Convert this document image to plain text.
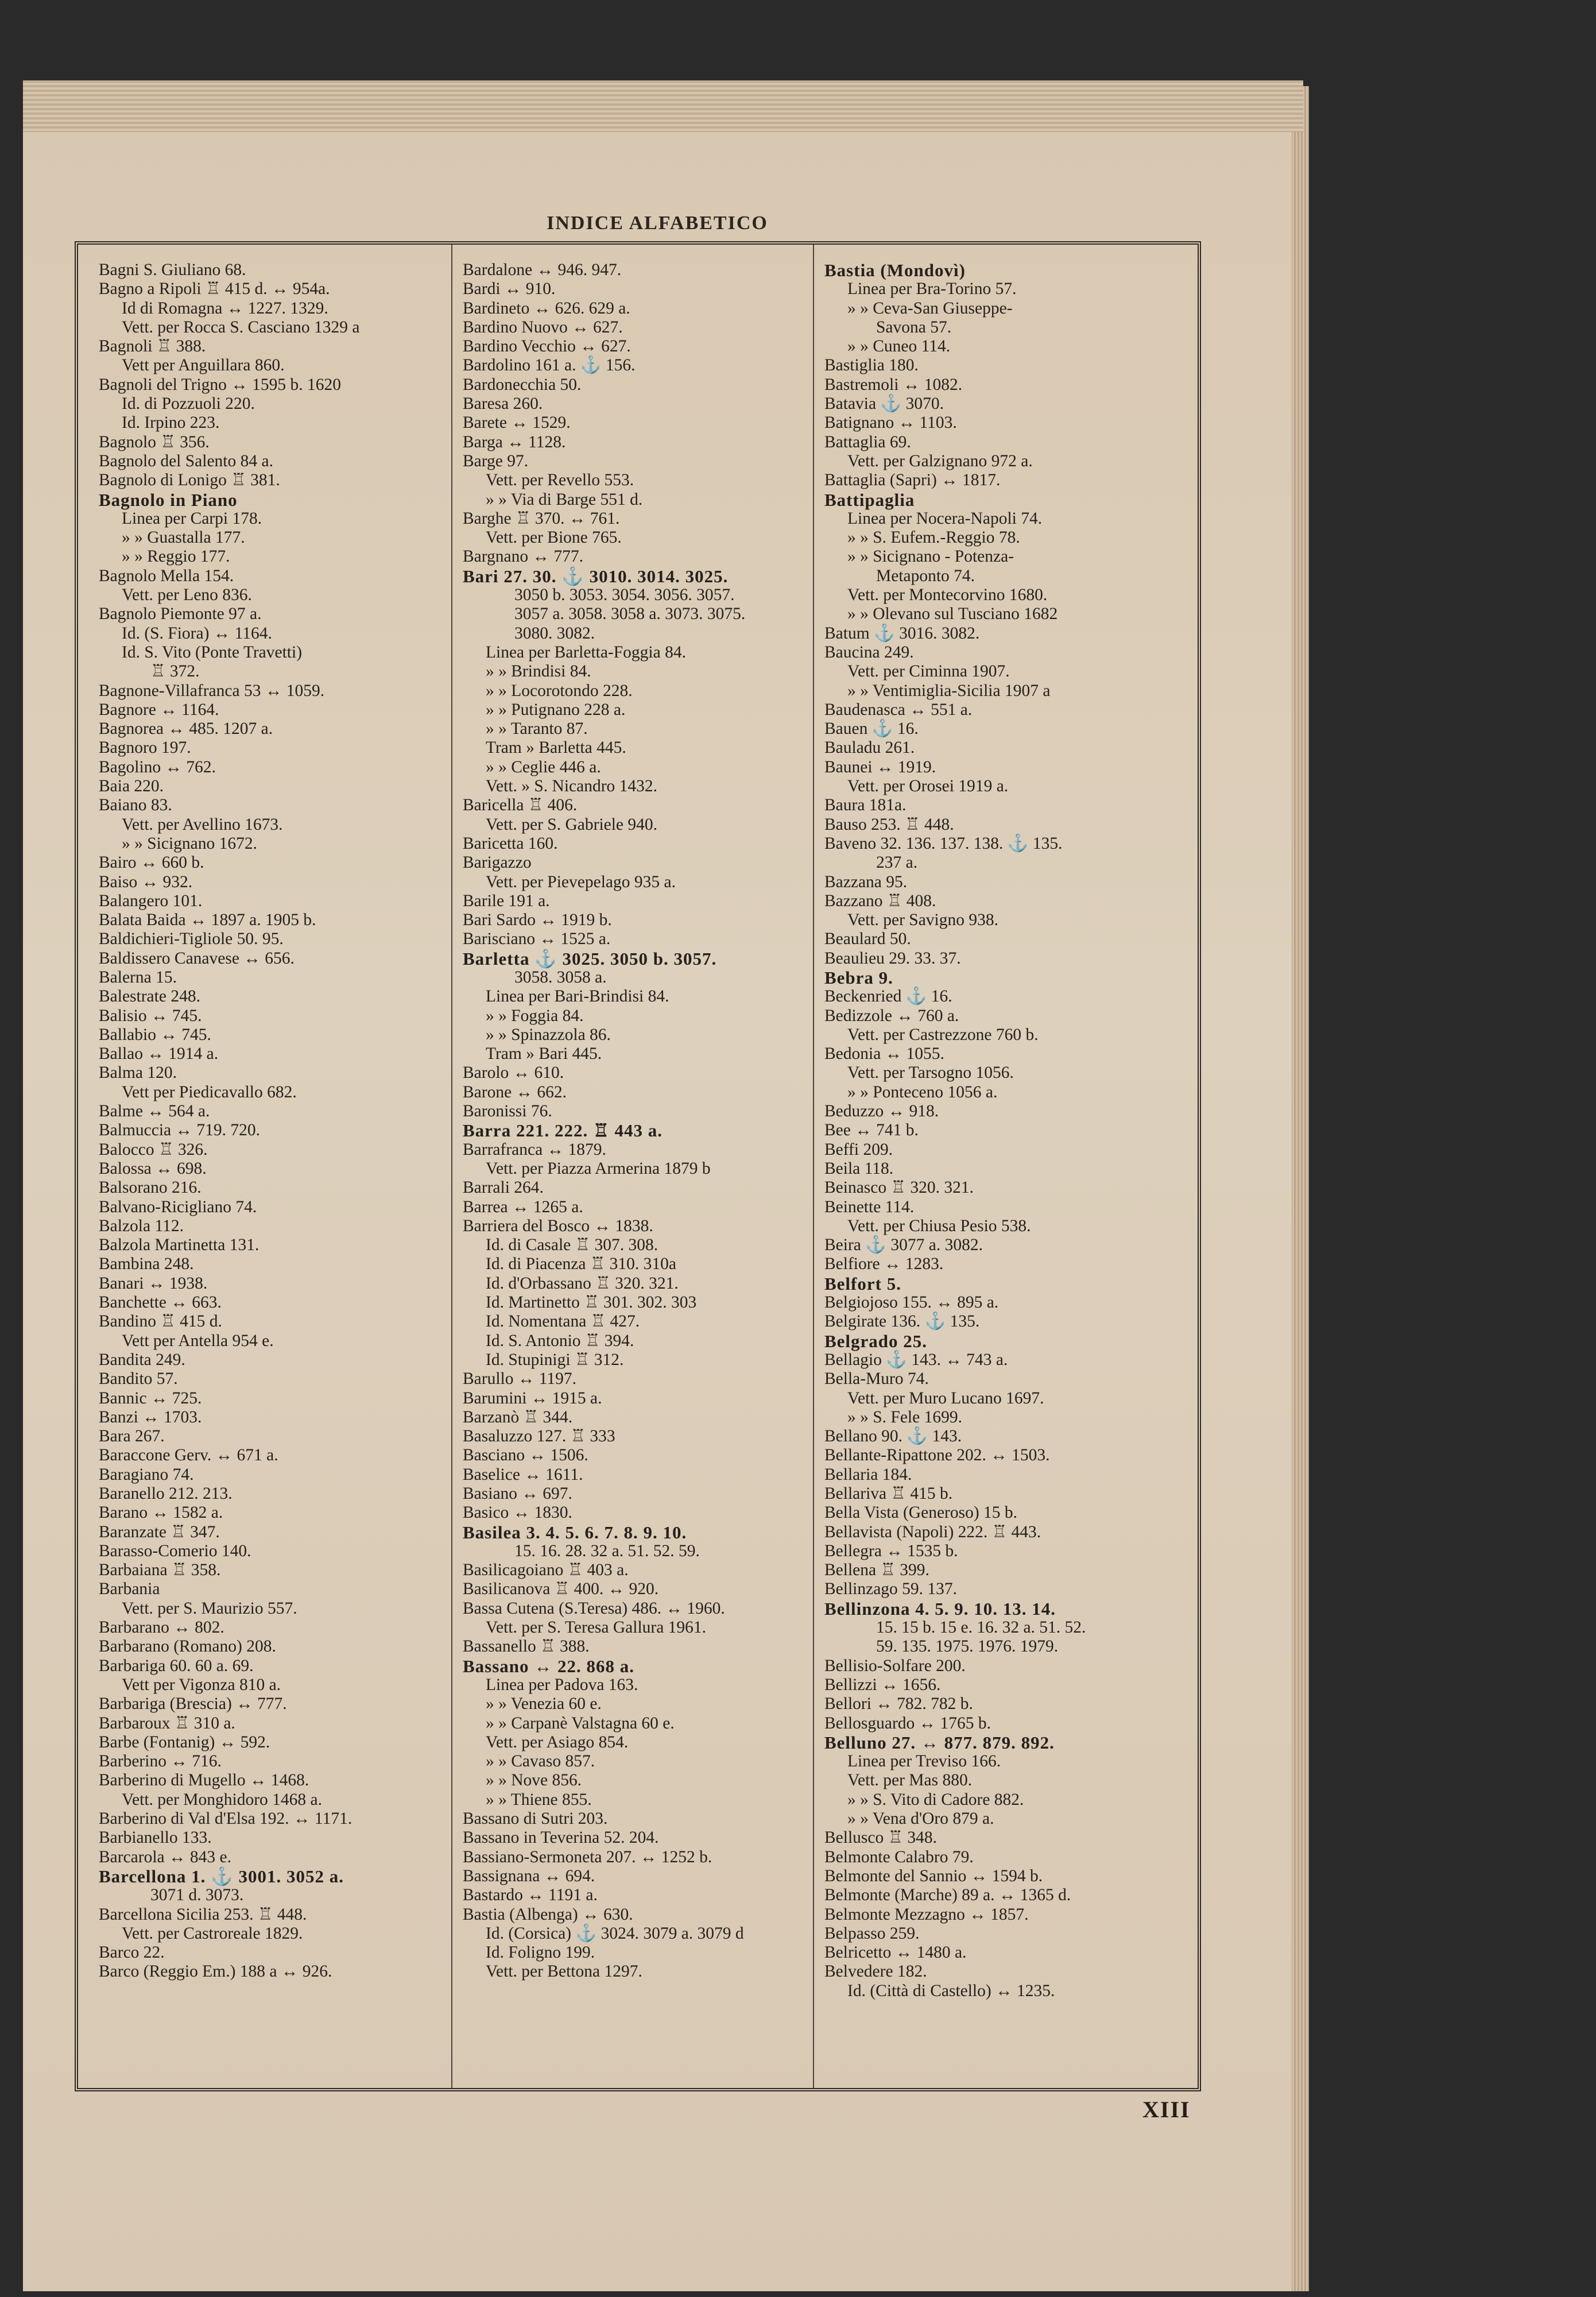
INDICE ALFABETICO
Bagni S. Giuliano 68.
Bagno a Ripoli ♖ 415 d. ↔ 954a.
Id di Romagna ↔ 1227. 1329.
Vett. per Rocca S. Casciano 1329 a
Bagnoli ♖ 388.
Vett per Anguillara 860.
Bagnoli del Trigno ↔ 1595 b. 1620
Id. di Pozzuoli 220.
Id. Irpino 223.
Bagnolo ♖ 356.
Bagnolo del Salento 84 a.
Bagnolo di Lonigo ♖ 381.
Bagnolo in Piano
Linea per Carpi 178.
» » Guastalla 177.
» » Reggio 177.
Bagnolo Mella 154.
Vett. per Leno 836.
Bagnolo Piemonte 97 a.
Id. (S. Fiora) ↔ 1164.
Id. S. Vito (Ponte Travetti)
♖ 372.
Bagnone-Villafranca 53 ↔ 1059.
Bagnore ↔ 1164.
Bagnorea ↔ 485. 1207 a.
Bagnoro 197.
Bagolino ↔ 762.
Baia 220.
Baiano 83.
Vett. per Avellino 1673.
» » Sicignano 1672.
Bairo ↔ 660 b.
Baiso ↔ 932.
Balangero 101.
Balata Baida ↔ 1897 a. 1905 b.
Baldichieri-Tigliole 50. 95.
Baldissero Canavese ↔ 656.
Balerna 15.
Balestrate 248.
Balisio ↔ 745.
Ballabio ↔ 745.
Ballao ↔ 1914 a.
Balma 120.
Vett per Piedicavallo 682.
Balme ↔ 564 a.
Balmuccia ↔ 719. 720.
Balocco ♖ 326.
Balossa ↔ 698.
Balsorano 216.
Balvano-Ricigliano 74.
Balzola 112.
Balzola Martinetta 131.
Bambina 248.
Banari ↔ 1938.
Banchette ↔ 663.
Bandino ♖ 415 d.
Vett per Antella 954 e.
Bandita 249.
Bandito 57.
Bannic ↔ 725.
Banzi ↔ 1703.
Bara 267.
Baraccone Gerv. ↔ 671 a.
Baragiano 74.
Baranello 212. 213.
Barano ↔ 1582 a.
Baranzate ♖ 347.
Barasso-Comerio 140.
Barbaiana ♖ 358.
Barbania
Vett. per S. Maurizio 557.
Barbarano ↔ 802.
Barbarano (Romano) 208.
Barbariga 60. 60 a. 69.
Vett per Vigonza 810 a.
Barbariga (Brescia) ↔ 777.
Barbaroux ♖ 310 a.
Barbe (Fontanig) ↔ 592.
Barberino ↔ 716.
Barberino di Mugello ↔ 1468.
Vett. per Monghidoro 1468 a.
Barberino di Val d'Elsa 192. ↔ 1171.
Barbianello 133.
Barcarola ↔ 843 e.
Barcellona 1. ⚓ 3001. 3052 a.
3071 d. 3073.
Barcellona Sicilia 253. ♖ 448.
Vett. per Castroreale 1829.
Barco 22.
Barco (Reggio Em.) 188 a ↔ 926.
Bardalone ↔ 946. 947.
Bardi ↔ 910.
Bardineto ↔ 626. 629 a.
Bardino Nuovo ↔ 627.
Bardino Vecchio ↔ 627.
Bardolino 161 a. ⚓ 156.
Bardonecchia 50.
Baresa 260.
Barete ↔ 1529.
Barga ↔ 1128.
Barge 97.
Vett. per Revello 553.
» » Via di Barge 551 d.
Barghe ♖ 370. ↔ 761.
Vett. per Bione 765.
Bargnano ↔ 777.
Bari 27. 30. ⚓ 3010. 3014. 3025.
3050 b. 3053. 3054. 3056. 3057.
3057 a. 3058. 3058 a. 3073. 3075.
3080. 3082.
Linea per Barletta-Foggia 84.
» » Brindisi 84.
» » Locorotondo 228.
» » Putignano 228 a.
» » Taranto 87.
Tram » Barletta 445.
» » Ceglie 446 a.
Vett. » S. Nicandro 1432.
Baricella ♖ 406.
Vett. per S. Gabriele 940.
Baricetta 160.
Barigazzo
Vett. per Pievepelago 935 a.
Barile 191 a.
Bari Sardo ↔ 1919 b.
Barisciano ↔ 1525 a.
Barletta ⚓ 3025. 3050 b. 3057.
3058. 3058 a.
Linea per Bari-Brindisi 84.
» » Foggia 84.
» » Spinazzola 86.
Tram » Bari 445.
Barolo ↔ 610.
Barone ↔ 662.
Baronissi 76.
Barra 221. 222. ♖ 443 a.
Barrafranca ↔ 1879.
Vett. per Piazza Armerina 1879 b
Barrali 264.
Barrea ↔ 1265 a.
Barriera del Bosco ↔ 1838.
Id. di Casale ♖ 307. 308.
Id. di Piacenza ♖ 310. 310a
Id. d'Orbassano ♖ 320. 321.
Id. Martinetto ♖ 301. 302. 303
Id. Nomentana ♖ 427.
Id. S. Antonio ♖ 394.
Id. Stupinigi ♖ 312.
Barullo ↔ 1197.
Barumini ↔ 1915 a.
Barzanò ♖ 344.
Basaluzzo 127. ♖ 333
Basciano ↔ 1506.
Baselice ↔ 1611.
Basiano ↔ 697.
Basico ↔ 1830.
Basilea 3. 4. 5. 6. 7. 8. 9. 10.
15. 16. 28. 32 a. 51. 52. 59.
Basilicagoiano ♖ 403 a.
Basilicanova ♖ 400. ↔ 920.
Bassa Cutena (S.Teresa) 486. ↔ 1960.
Vett. per S. Teresa Gallura 1961.
Bassanello ♖ 388.
Bassano ↔ 22. 868 a.
Linea per Padova 163.
» » Venezia 60 e.
» » Carpanè Valstagna 60 e.
Vett. per Asiago 854.
» » Cavaso 857.
» » Nove 856.
» » Thiene 855.
Bassano di Sutri 203.
Bassano in Teverina 52. 204.
Bassiano-Sermoneta 207. ↔ 1252 b.
Bassignana ↔ 694.
Bastardo ↔ 1191 a.
Bastia (Albenga) ↔ 630.
Id. (Corsica) ⚓ 3024. 3079 a. 3079 d
Id. Foligno 199.
Vett. per Bettona 1297.
Bastia (Mondovì)
Linea per Bra-Torino 57.
» » Ceva-San Giuseppe-
Savona 57.
» » Cuneo 114.
Bastiglia 180.
Bastremoli ↔ 1082.
Batavia ⚓ 3070.
Batignano ↔ 1103.
Battaglia 69.
Vett. per Galzignano 972 a.
Battaglia (Sapri) ↔ 1817.
Battipaglia
Linea per Nocera-Napoli 74.
» » S. Eufem.-Reggio 78.
» » Sicignano - Potenza-
Metaponto 74.
Vett. per Montecorvino 1680.
» » Olevano sul Tusciano 1682
Batum ⚓ 3016. 3082.
Baucina 249.
Vett. per Ciminna 1907.
» » Ventimiglia-Sicilia 1907 a
Baudenasca ↔ 551 a.
Bauen ⚓ 16.
Bauladu 261.
Baunei ↔ 1919.
Vett. per Orosei 1919 a.
Baura 181a.
Bauso 253. ♖ 448.
Baveno 32. 136. 137. 138. ⚓ 135.
237 a.
Bazzana 95.
Bazzano ♖ 408.
Vett. per Savigno 938.
Beaulard 50.
Beaulieu 29. 33. 37.
Bebra 9.
Beckenried ⚓ 16.
Bedizzole ↔ 760 a.
Vett. per Castrezzone 760 b.
Bedonia ↔ 1055.
Vett. per Tarsogno 1056.
» » Ponteceno 1056 a.
Beduzzo ↔ 918.
Bee ↔ 741 b.
Beffi 209.
Beila 118.
Beinasco ♖ 320. 321.
Beinette 114.
Vett. per Chiusa Pesio 538.
Beira ⚓ 3077 a. 3082.
Belfiore ↔ 1283.
Belfort 5.
Belgiojoso 155. ↔ 895 a.
Belgirate 136. ⚓ 135.
Belgrado 25.
Bellagio ⚓ 143. ↔ 743 a.
Bella-Muro 74.
Vett. per Muro Lucano 1697.
» » S. Fele 1699.
Bellano 90. ⚓ 143.
Bellante-Ripattone 202. ↔ 1503.
Bellaria 184.
Bellariva ♖ 415 b.
Bella Vista (Generoso) 15 b.
Bellavista (Napoli) 222. ♖ 443.
Bellegra ↔ 1535 b.
Bellena ♖ 399.
Bellinzago 59. 137.
Bellinzona 4. 5. 9. 10. 13. 14.
15. 15 b. 15 e. 16. 32 a. 51. 52.
59. 135. 1975. 1976. 1979.
Bellisio-Solfare 200.
Bellizzi ↔ 1656.
Bellori ↔ 782. 782 b.
Bellosguardo ↔ 1765 b.
Belluno 27. ↔ 877. 879. 892.
Linea per Treviso 166.
Vett. per Mas 880.
» » S. Vito di Cadore 882.
» » Vena d'Oro 879 a.
Bellusco ♖ 348.
Belmonte Calabro 79.
Belmonte del Sannio ↔ 1594 b.
Belmonte (Marche) 89 a. ↔ 1365 d.
Belmonte Mezzagno ↔ 1857.
Belpasso 259.
Belricetto ↔ 1480 a.
Belvedere 182.
Id. (Città di Castello) ↔ 1235.
XIII
